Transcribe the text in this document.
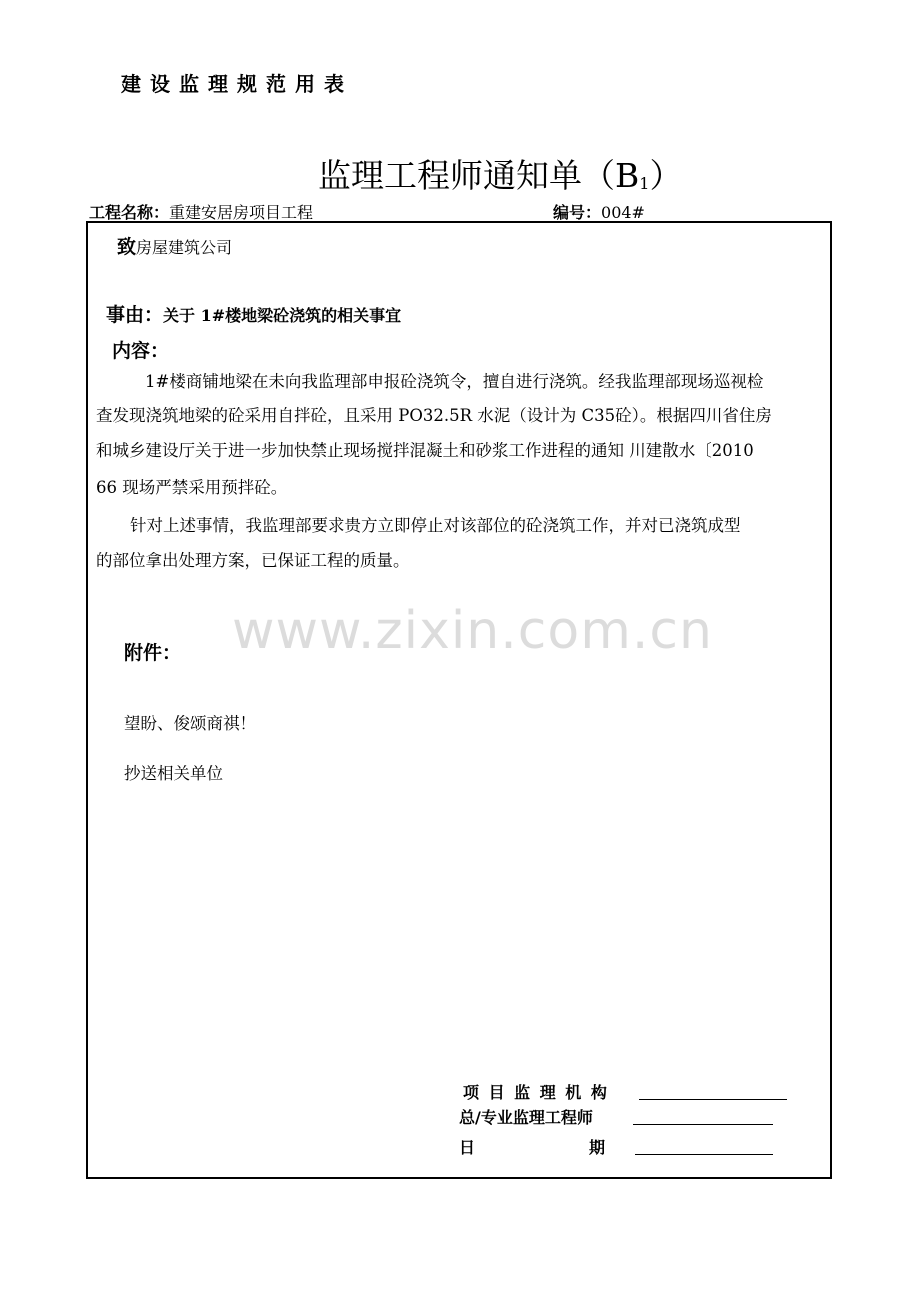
建设监理规范用表
监理工程师通知单$(B_1)$
工程名称：重建安居房项目工程	编号：004#
致房屋建筑公司
事由：关于 1#楼地梁砼浇筑的相关事宜
内容：
1#楼商铺地梁在未向我监理部申报砼浇筑令，擅自进行浇筑。经我监理部现场巡视检
查发现浇筑地梁的砼采用自拌砼，且采用 PO32.5R 水泥（设计为 C35砼）。根据四川省住房
和城乡建设厅关于进一步加快禁止现场搅拌混凝土和砂浆工作进程的通知 川建散水〔2010
66 现场严禁采用预拌砼。
针对上述事情，我监理部要求贵方立即停止对该部位的砼浇筑工作，并对已浇筑成型
的部位拿出处理方案，已保证工程的质量。
www.zixin.com.cn
附件：
望盼、俊颂商祺！
抄送相关单位
项 目 监 理 机 构
总/专业监理工程师
日	期
